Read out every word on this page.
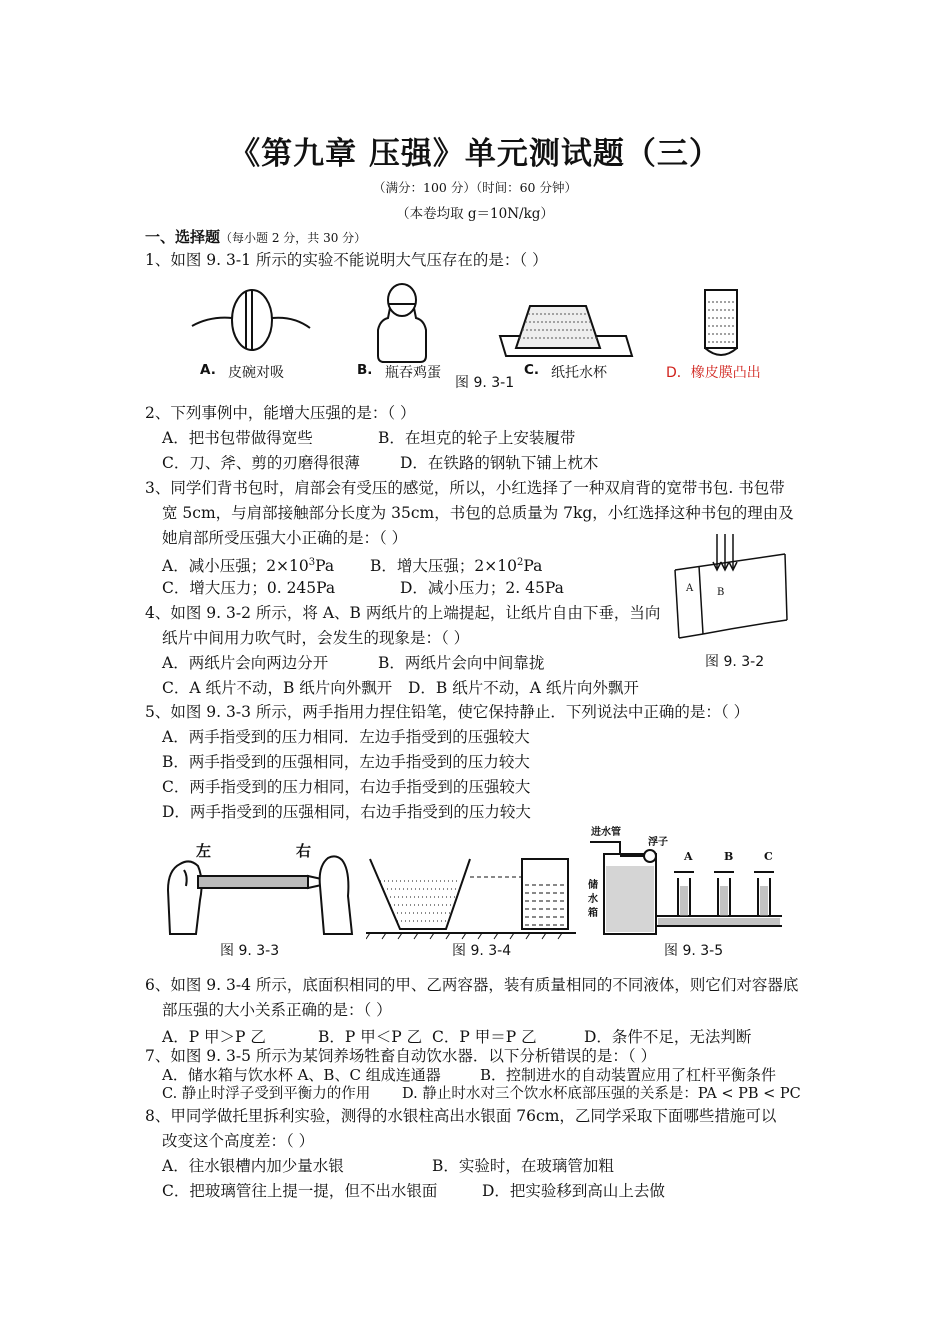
《第九章 压强》单元测试题（三）
（满分：100 分）（时间：60 分钟）
（本卷均取 g＝10N/kg）
一、选择题（每小题 2 分，共 30 分）
1、如图 9. 3-1 所示的实验不能说明大气压存在的是：（ ）
A. 皮碗对吸	B. 瓶吞鸡蛋
图 9. 3-1
C. 纸托水杯	D．橡皮膜凸出
2、下列事例中，能增大压强的是：（ ）
A．把书包带做得宽些	B．在坦克的轮子上安装履带
C．刀、斧、剪的刃磨得很薄	D．在铁路的钢轨下铺上枕木
3、同学们背书包时，肩部会有受压的感觉，所以，小红选择了一种双肩背的宽带书包. 书包带
宽 5cm，与肩部接触部分长度为 35cm，书包的总质量为 7kg，小红选择这种书包的理由及
她肩部所受压强大小正确的是：（ ）
A．减小压强；$2\times 10^3Pa$ B．增大压强；$2\times 10^2Pa$
C．增大压力；0. 245Pa	D．减小压力；2. 45Pa	A B
图 9. 3-2
4、如图 9. 3-2 所示，将 A、B 两纸片的上端提起，让纸片自由下垂，当向
纸片中间用力吹气时，会发生的现象是：（ ）
A．两纸片会向两边分开	B．两纸片会向中间靠拢
C．A 纸片不动，B 纸片向外飘开 D．B 纸片不动，A 纸片向外飘开
5、如图 9. 3-3 所示，两手指用力捏住铅笔，使它保持静止．下列说法中正确的是：（ ）
A．两手指受到的压力相同．左边手指受到的压强较大
B．两手指受到的压强相同，左边手指受到的压力较大
C．两手指受到的压力相同，右边手指受到的压强较大
D．两手指受到的压强相同，右边手指受到的压力较大
左	右
图 9. 3-3	图 9. 3-4
进水管
浮子
储
水
箱
A	B	C
图 9. 3-5
6、如图 9. 3-4 所示，底面积相同的甲、乙两容器，装有质量相同的不同液体，则它们对容器底
部压强的大小关系正确的是：（ ）
A．P 甲＞P 乙	B．P 甲＜P 乙 C．P 甲＝P 乙	D．条件不足，无法判断
7、如图 9. 3-5 所示为某饲养场牲畜自动饮水器．以下分析错误的是：（ ）
A．储水箱与饮水杯 A、B、C 组成连通器	B．控制进水的自动装置应用了杠杆平衡条件
C. 静止时浮子受到平衡力的作用 D. 静止时水对三个饮水杯底部压强的关系是：PA < PB < PC
8、甲同学做托里拆利实验，测得的水银柱高出水银面 76cm，乙同学采取下面哪些措施可以
改变这个高度差：（ ）
A．往水银槽内加少量水银	B．实验时，在玻璃管加粗
C．把玻璃管往上提一提，但不出水银面	D．把实验移到高山上去做
